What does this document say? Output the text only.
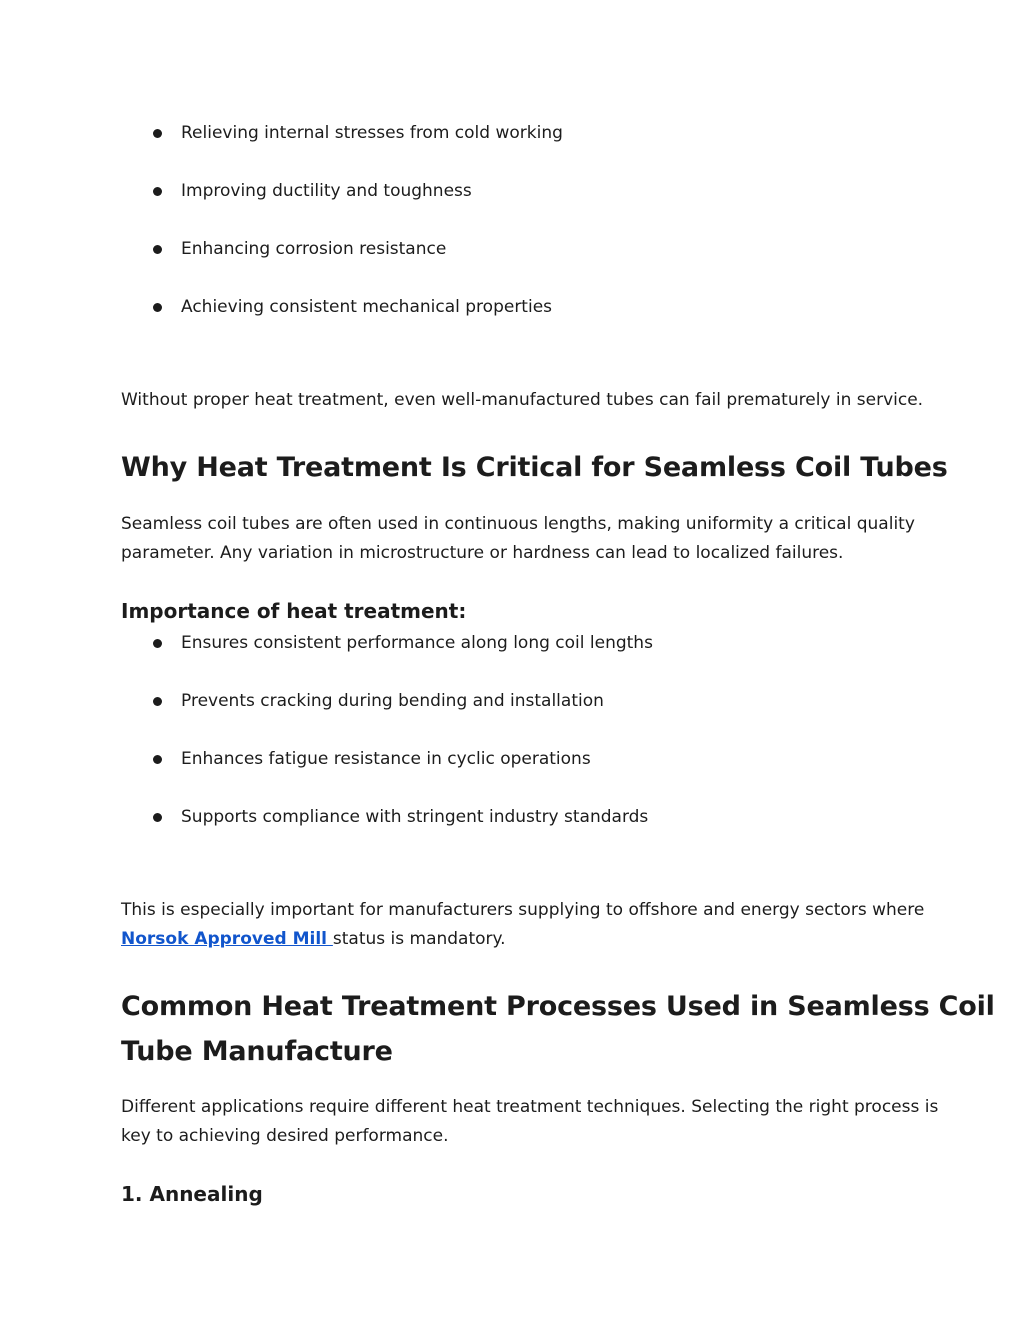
Relieving internal stresses from cold working
Improving ductility and toughness
Enhancing corrosion resistance
Achieving consistent mechanical properties

Without proper heat treatment, even well-manufactured tubes can fail prematurely in service.

Why Heat Treatment Is Critical for Seamless Coil Tubes

Seamless coil tubes are often used in continuous lengths, making uniformity a critical quality

parameter. Any variation in microstructure or hardness can lead to localized failures.

Importance of heat treatment:
Ensures consistent performance along long coil lengths
Prevents cracking during bending and installation
Enhances fatigue resistance in cyclic operations
Supports compliance with stringent industry standards

This is especially important for manufacturers supplying to offshore and energy sectors where

Norsok Approved Mill status is mandatory.

Common Heat Treatment Processes Used in Seamless Coil
Tube Manufacture

Different applications require different heat treatment techniques. Selecting the right process is

key to achieving desired performance.

1. Annealing
